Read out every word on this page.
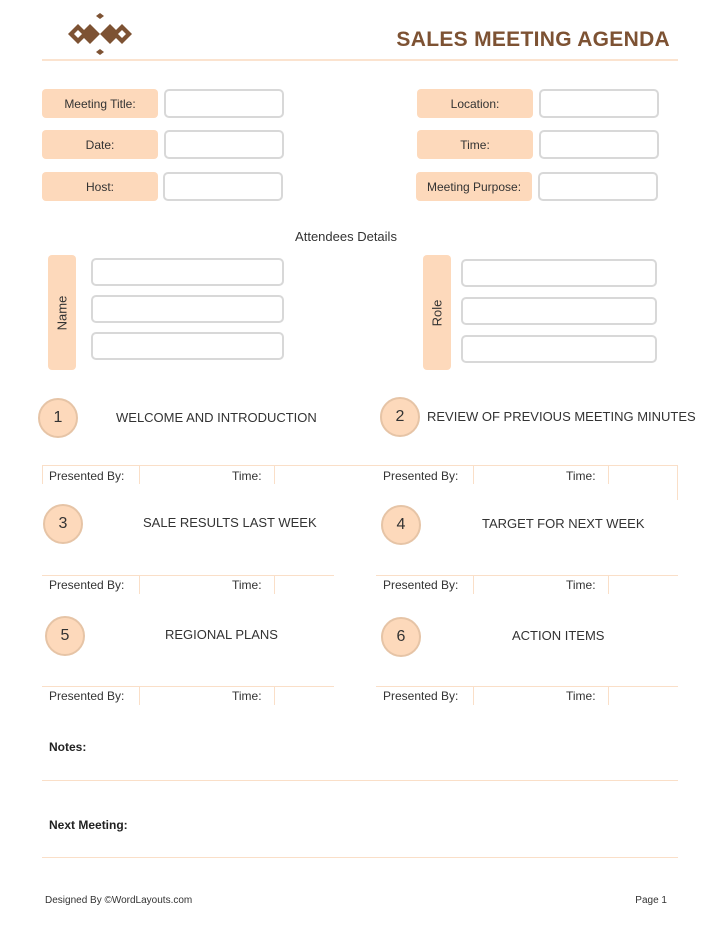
SALES MEETING AGENDA
Meeting Title:
Date:
Host:
Location:
Time:
Meeting Purpose:
Attendees Details
Name	Role
1	WELCOME AND INTRODUCTION	2	REVIEW OF PREVIOUS MEETING MINUTES
Presented By:	Time:	Presented By:	Time:
3	SALE RESULTS LAST WEEK	4	TARGET FOR NEXT WEEK
Presented By:	Time:	Presented By:	Time:
5	REGIONAL PLANS	6	ACTION ITEMS
Presented By:	Time:	Presented By:	Time:
Notes:
Next Meeting:
Designed By ©WordLayouts.com	Page 1
